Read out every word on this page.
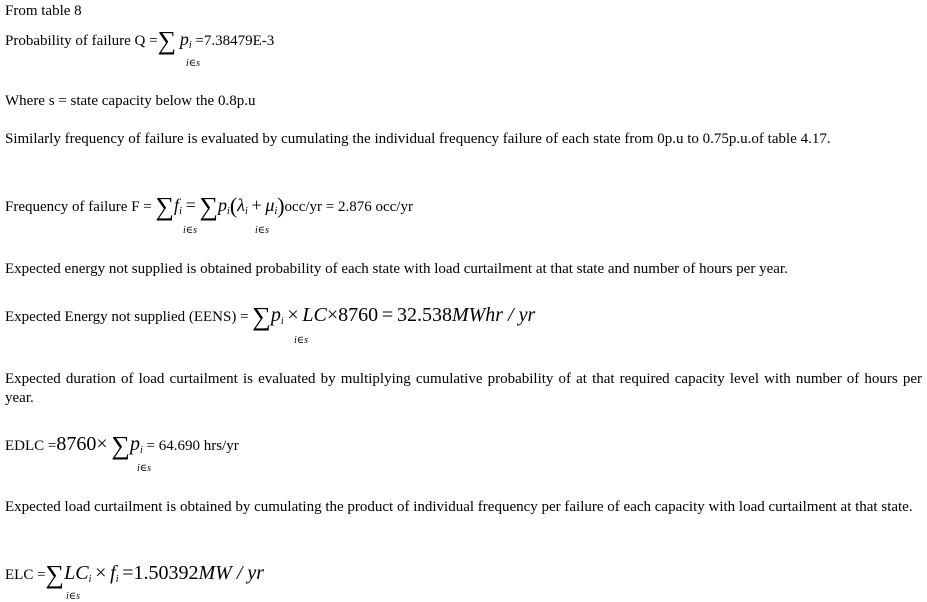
From table 8
Probability of failure Q =∑ $p_i =7.38479E-3$
i∈s
Where s = state capacity below the 0.8p.u
Similarly frequency of failure is evaluated by cumulating the individual frequency failure of each state from 0p.u to 0.75p.u.of table 4.17.
Frequency of failure $F = \sum f_i = \sum p_i(\lambda_i + \mu_i)occ/yr = 2.876$ occ/yr
i∈s	i∈s
Expected energy not supplied is obtained probability of each state with load curtailment at that state and number of hours per year.
Expected Energy not supplied (EENS) = $\sum p_i \times LC\times 8760$ = 32.538MWhr / yr
i∈s
Expected duration of load curtailment is evaluated by multiplying cumulative probability of at that required capacity level with number of hours per year.
EDLC $=8760\times \sum p_i = 64.690$ hrs/yr
i∈s
Expected load curtailment is obtained by cumulating the product of individual frequency per failure of each capacity with load curtailment at that state.
ELC $=\sum LC_i \times f_i =1.50392MW$ / yr
i∈s
